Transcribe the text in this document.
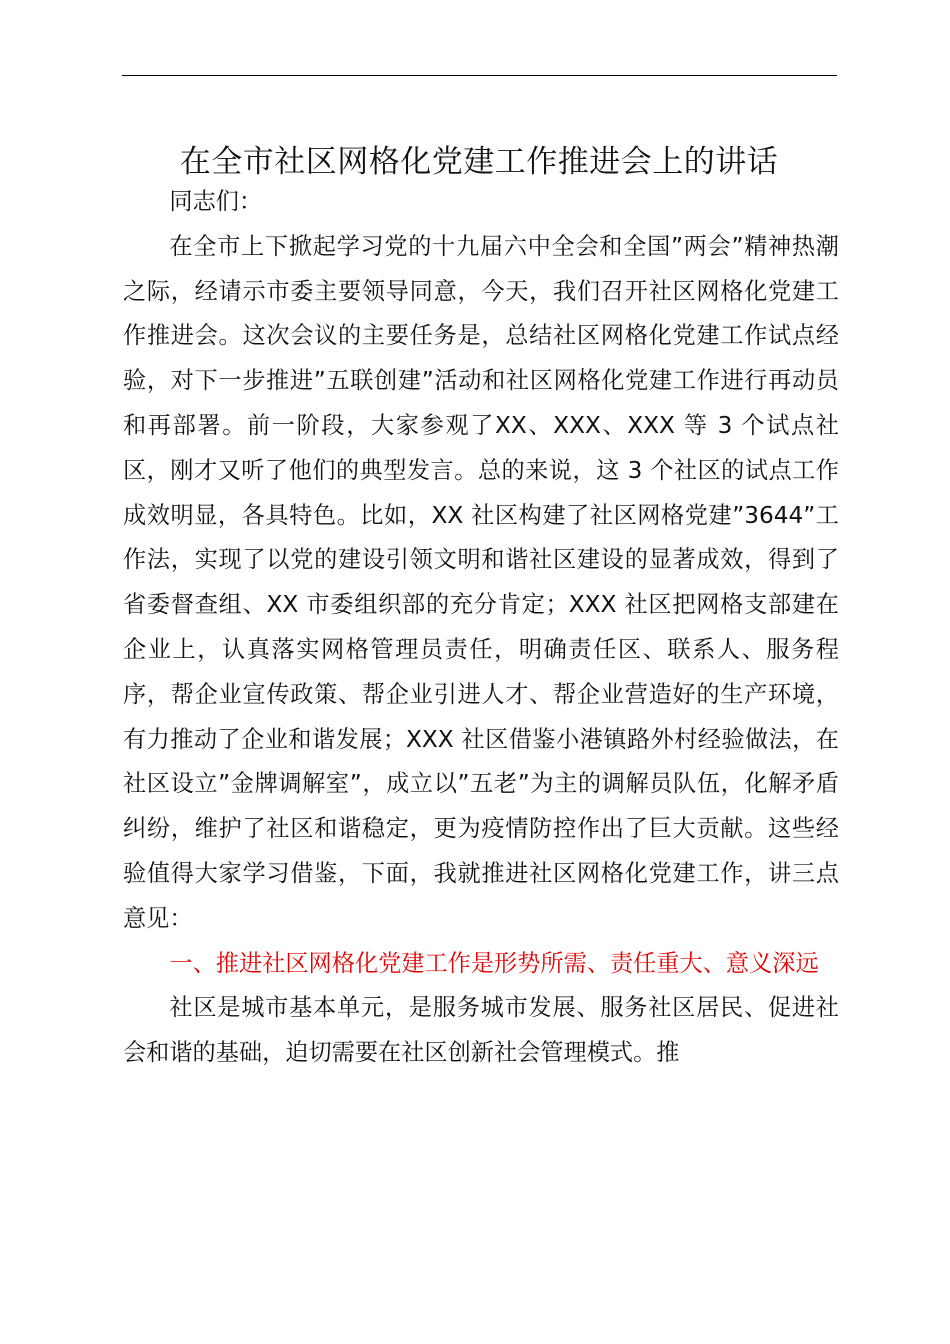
在全市社区网格化党建工作推进会上的讲话

同志们：

在全市上下掀起学习党的十九届六中全会和全国”两会”精神热潮之际，经请示市委主要领导同意，今天，我们召开社区网格化党建工作推进会。这次会议的主要任务是，总结社区网格化党建工作试点经验，对下一步推进”五联创建”活动和社区网格化党建工作进行再动员和再部署。前一阶段，大家参观了XX、XXX、XXX 等 3 个试点社区，刚才又听了他们的典型发言。总的来说，这 3 个社区的试点工作成效明显，各具特色。比如，XX 社区构建了社区网格党建”3644”工作法，实现了以党的建设引领文明和谐社区建设的显著成效，得到了省委督查组、XX 市委组织部的充分肯定；XXX 社区把网格支部建在企业上，认真落实网格管理员责任，明确责任区、联系人、服务程序，帮企业宣传政策、帮企业引进人才、帮企业营造好的生产环境，有力推动了企业和谐发展；XXX 社区借鉴小港镇路外村经验做法，在社区设立”金牌调解室”，成立以”五老”为主的调解员队伍，化解矛盾纠纷，维护了社区和谐稳定，更为疫情防控作出了巨大贡献。这些经验值得大家学习借鉴，下面，我就推进社区网格化党建工作，讲三点意见：

一、推进社区网格化党建工作是形势所需、责任重大、意义深远

社区是城市基本单元，是服务城市发展、服务社区居民、促进社会和谐的基础，迫切需要在社区创新社会管理模式。推
